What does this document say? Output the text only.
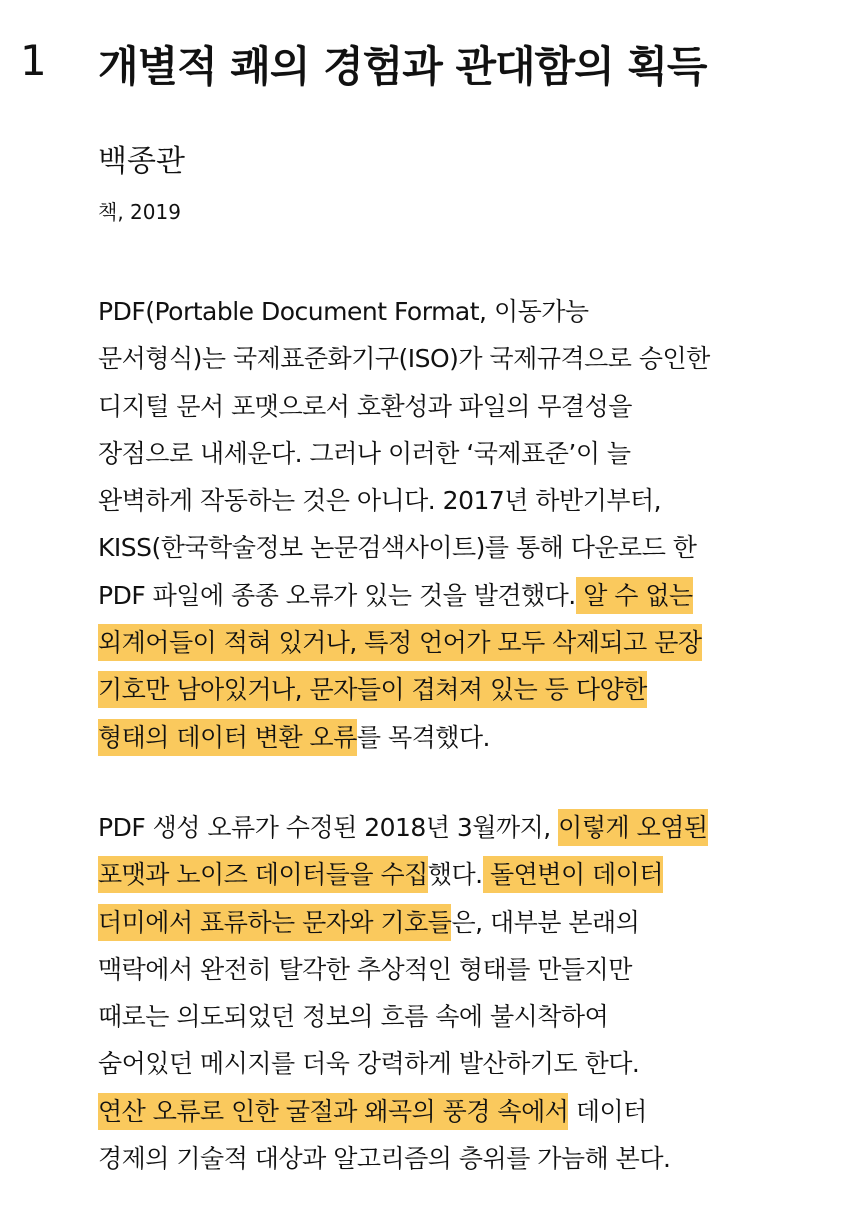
1 개별적 쾌의 경험과 관대함의 획득
백종관
책, 2019
PDF(Portable Document Format, 이동가능
문서형식)는 국제표준화기구(ISO)가 국제규격으로 승인한
디지털 문서 포맷으로서 호환성과 파일의 무결성을
장점으로 내세운다. 그러나 이러한 ‘국제표준’이 늘
완벽하게 작동하는 것은 아니다. 2017년 하반기부터,
KISS(한국학술정보 논문검색사이트)를 통해 다운로드 한
PDF 파일에 종종 오류가 있는 것을 발견했다. 알 수 없는
외계어들이 적혀 있거나, 특정 언어가 모두 삭제되고 문장
기호만 남아있거나, 문자들이 겹쳐져 있는 등 다양한
형태의 데이터 변환 오류를 목격했다.
PDF 생성 오류가 수정된 2018년 3월까지, 이렇게 오염된
포맷과 노이즈 데이터들을 수집했다. 돌연변이 데이터
더미에서 표류하는 문자와 기호들은, 대부분 본래의
맥락에서 완전히 탈각한 추상적인 형태를 만들지만
때로는 의도되었던 정보의 흐름 속에 불시착하여
숨어있던 메시지를 더욱 강력하게 발산하기도 한다.
연산 오류로 인한 굴절과 왜곡의 풍경 속에서 데이터
경제의 기술적 대상과 알고리즘의 층위를 가늠해 본다.
